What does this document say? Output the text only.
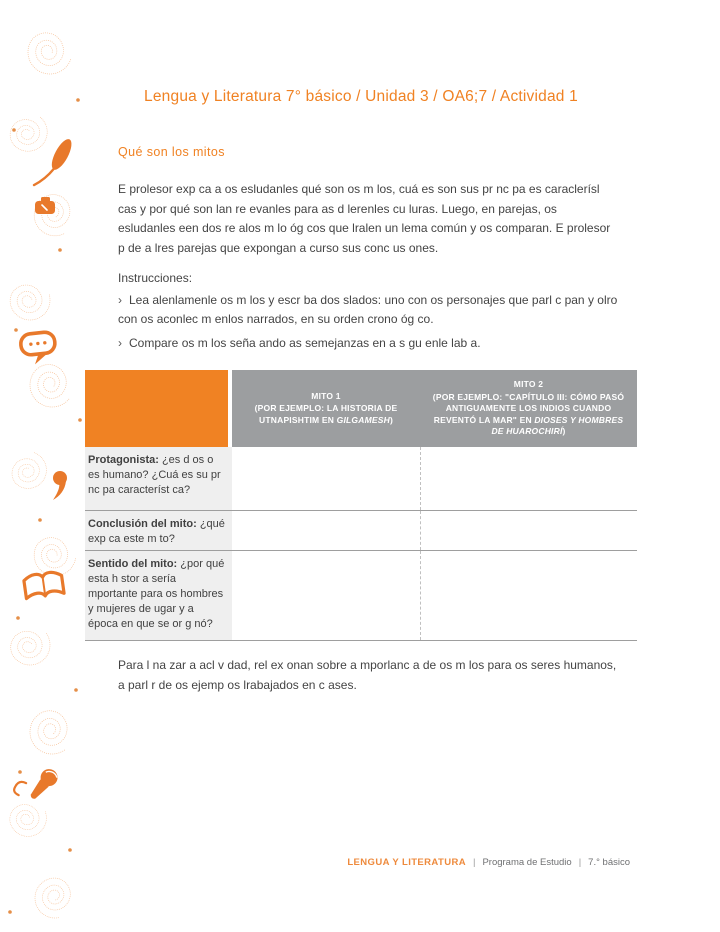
Lengua y Literatura 7° básico / Unidad 3 / OA6;7 / Actividad 1
Qué son los mitos

E prolesor exp ca a os esludanles qué son os m los, cuá es son sus pr nc pa es caraclerísl cas y por qué son lan re evanles para as d lerenles cu luras. Luego, en parejas, os esludanles een dos re alos m lo óg cos que lralen un lema común y os comparan. E prolesor p de a lres parejas que expongan a curso sus conc us ones.

Instrucciones:

› Lea alenlamenle os m los y escr ba dos slados: uno con os personajes que parl c pan y olro con os aconlec m enlos narrados, en su orden crono óg co.

› Compare os m los seña ando as semejanzas en a s gu enle lab a.

MITO 1
(POR EJEMPLO: LA HISTORIA DE UTNAPISHTIM EN GILGAMESH)
MITO 2
(POR EJEMPLO: "CAPÍTULO III: CÓMO PASÓ ANTIGUAMENTE LOS INDIOS CUANDO REVENTÓ LA MAR" EN DIOSES Y HOMBRES DE HUAROCHIRÍ)
Protagonista: ¿es d os o es humano? ¿Cuá es su pr nc pa característ ca?
Conclusión del mito: ¿qué exp ca este m to?
Sentido del mito: ¿por qué esta h stor a sería mportante para os hombres y mujeres de ugar y a época en que se or g nó?

Para l na zar a acl v dad, rel ex onan sobre a mporlanc a de os m los para os seres humanos, a parl r de os ejemp os lrabajados en c ases.

LENGUA Y LITERATURA | Programa de Estudio | 7.° básico
